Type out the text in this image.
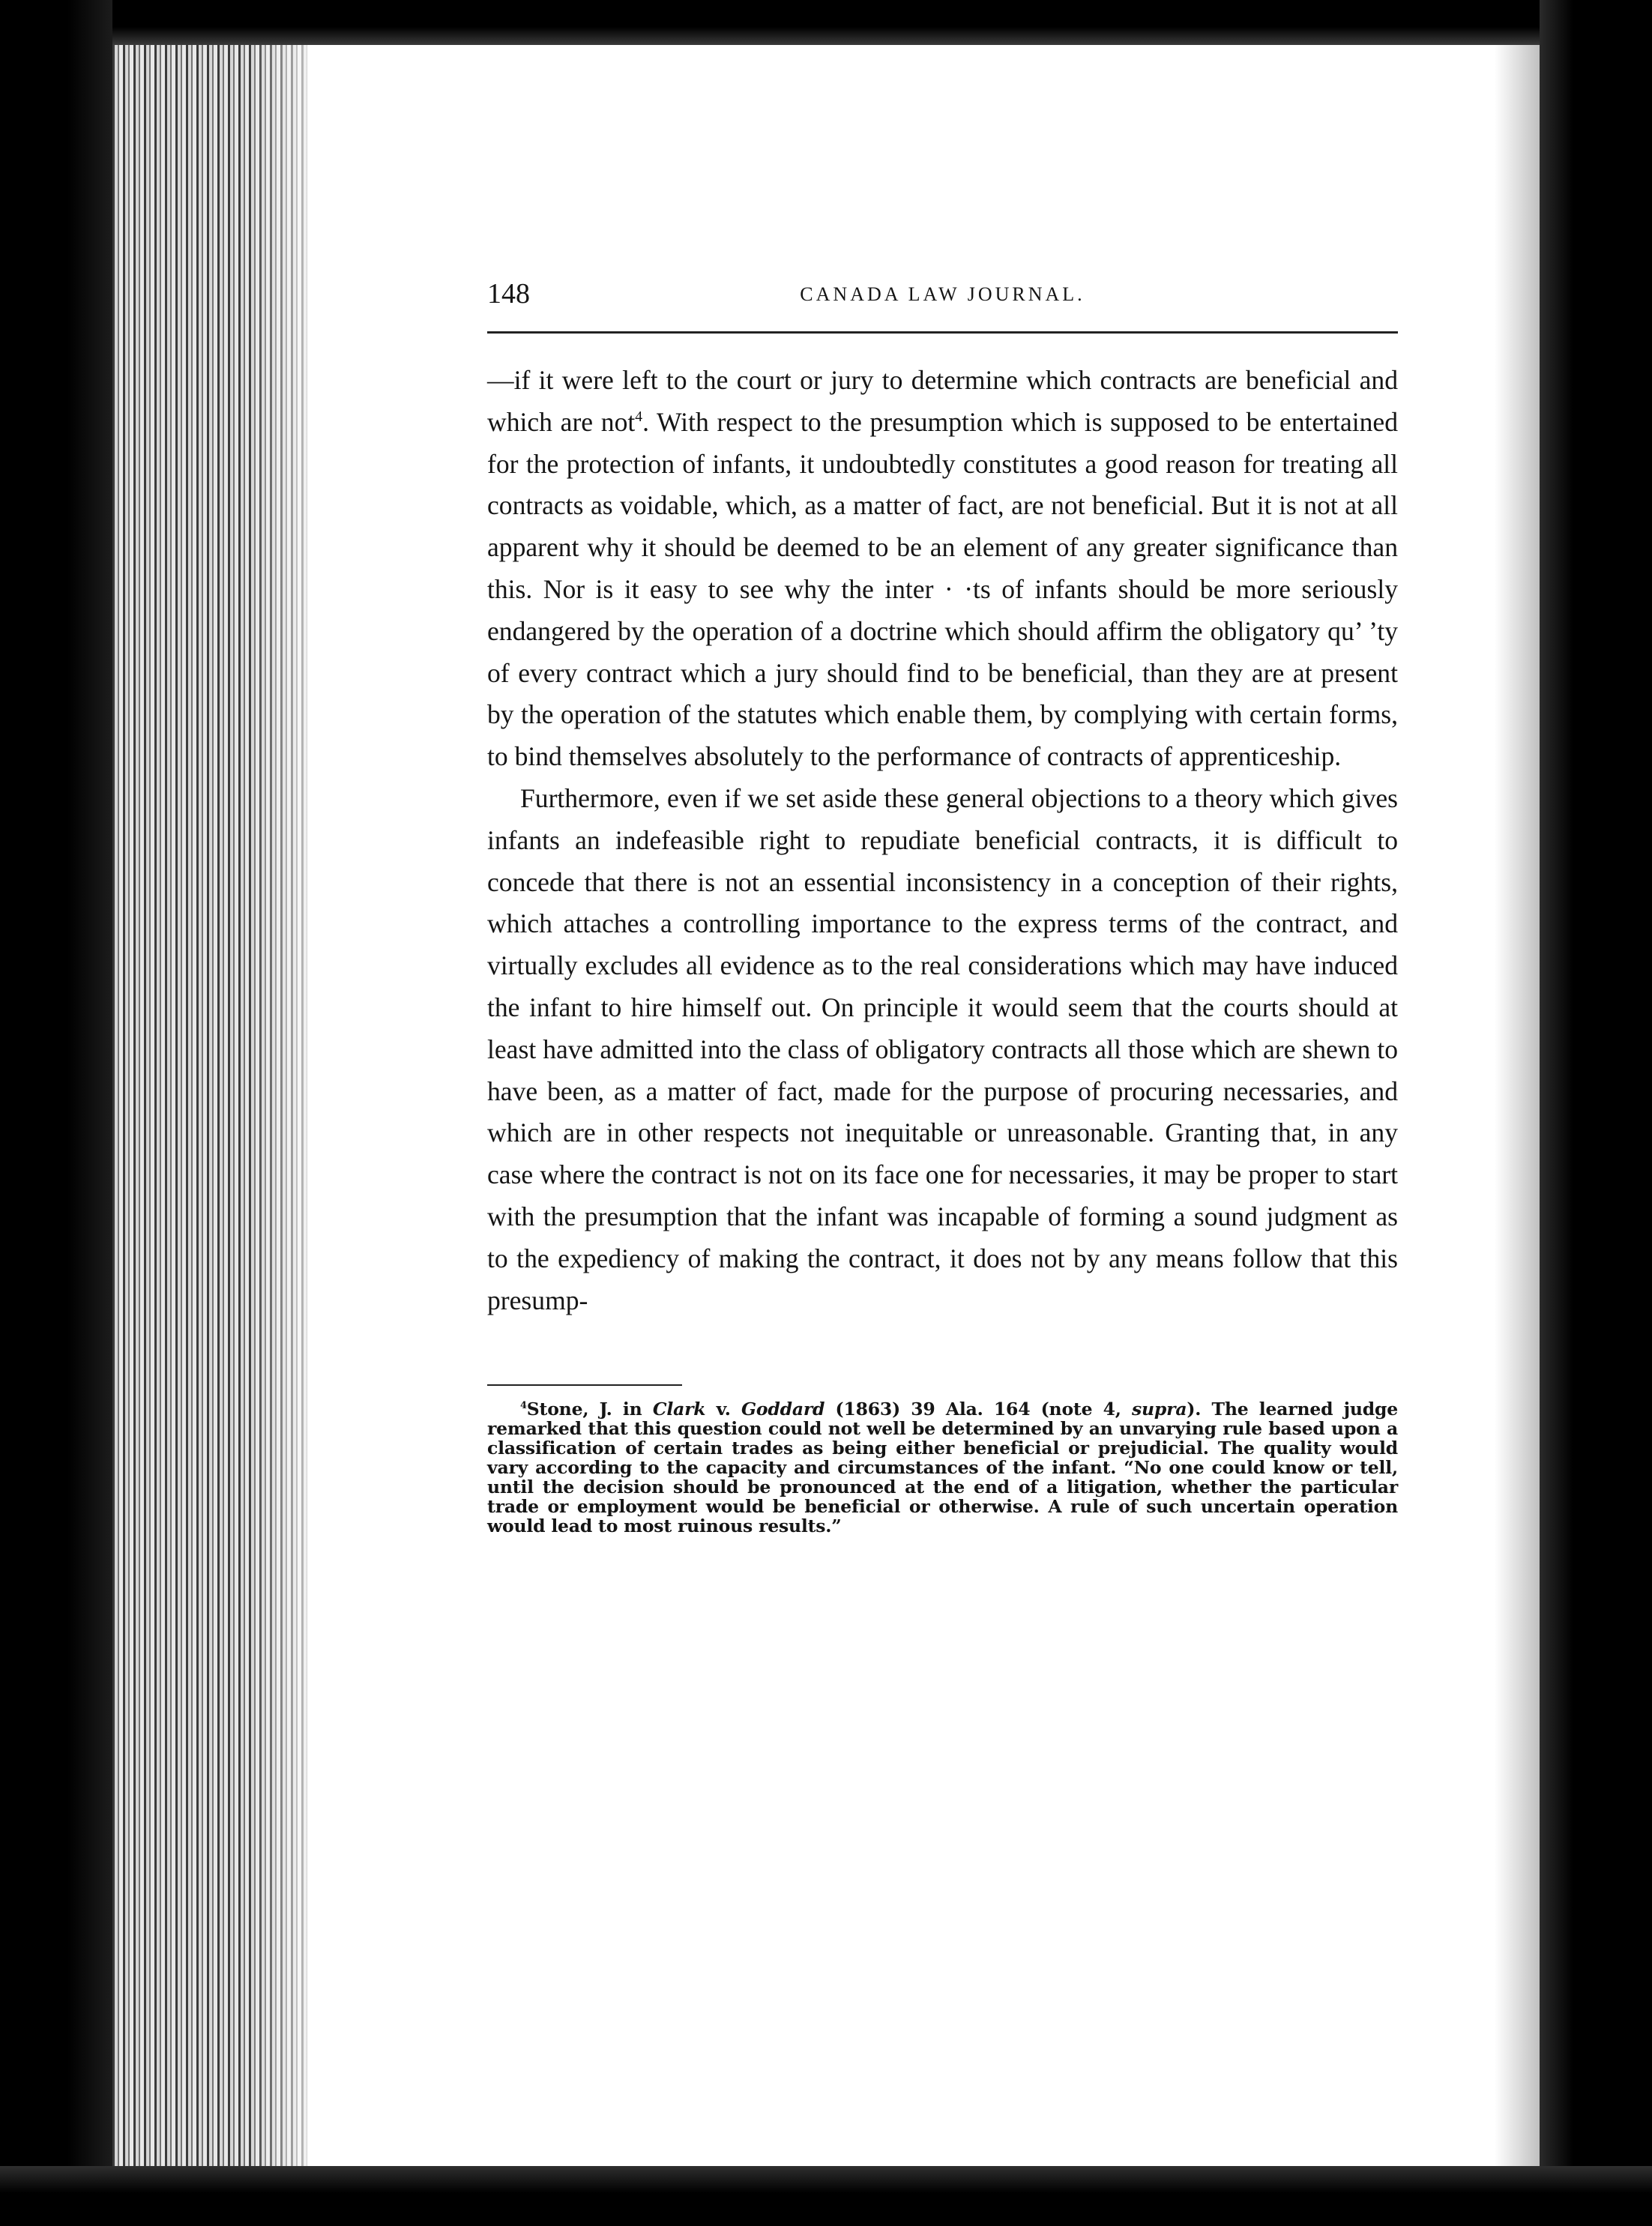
148	CANADA LAW JOURNAL.

—if it were left to the court or jury to determine which contracts are beneficial and which are not$^4$. With respect to the presumption which is supposed to be entertained for the protection of infants, it undoubtedly constitutes a good reason for treating all contracts as voidable, which, as a matter of fact, are not beneficial. But it is not at all apparent why it should be deemed to be an element of any greater significance than this. Nor is it easy to see why the inter · ·ts of infants should be more seriously endangered by the operation of a doctrine which should affirm the obligatory qu’ ’ty of every contract which a jury should find to be beneficial, than they are at present by the operation of the statutes which enable them, by complying with certain forms, to bind themselves absolutely to the performance of contracts of apprenticeship.

Furthermore, even if we set aside these general objections to a theory which gives infants an indefeasible right to repudiate beneficial contracts, it is difficult to concede that there is not an essential inconsistency in a conception of their rights, which attaches a controlling importance to the express terms of the contract, and virtually excludes all evidence as to the real considerations which may have induced the infant to hire himself out. On principle it would seem that the courts should at least have admitted into the class of obligatory contracts all those which are shewn to have been, as a matter of fact, made for the purpose of procuring necessaries, and which are in other respects not inequitable or unreasonable. Granting that, in any case where the contract is not on its face one for necessaries, it may be proper to start with the presumption that the infant was incapable of forming a sound judgment as to the expediency of making the contract, it does not by any means follow that this presump-

$^4$Stone, J. in Clark v. Goddard (1863) 39 Ala. 164 (note 4, supra). The learned judge remarked that this question could not well be determined by an unvarying rule based upon a classification of certain trades as being either beneficial or prejudicial. The quality would vary according to the capacity and circumstances of the infant. “No one could know or tell, until the decision should be pronounced at the end of a litigation, whether the particular trade or employment would be beneficial or otherwise. A rule of such uncertain operation would lead to most ruinous results.”
